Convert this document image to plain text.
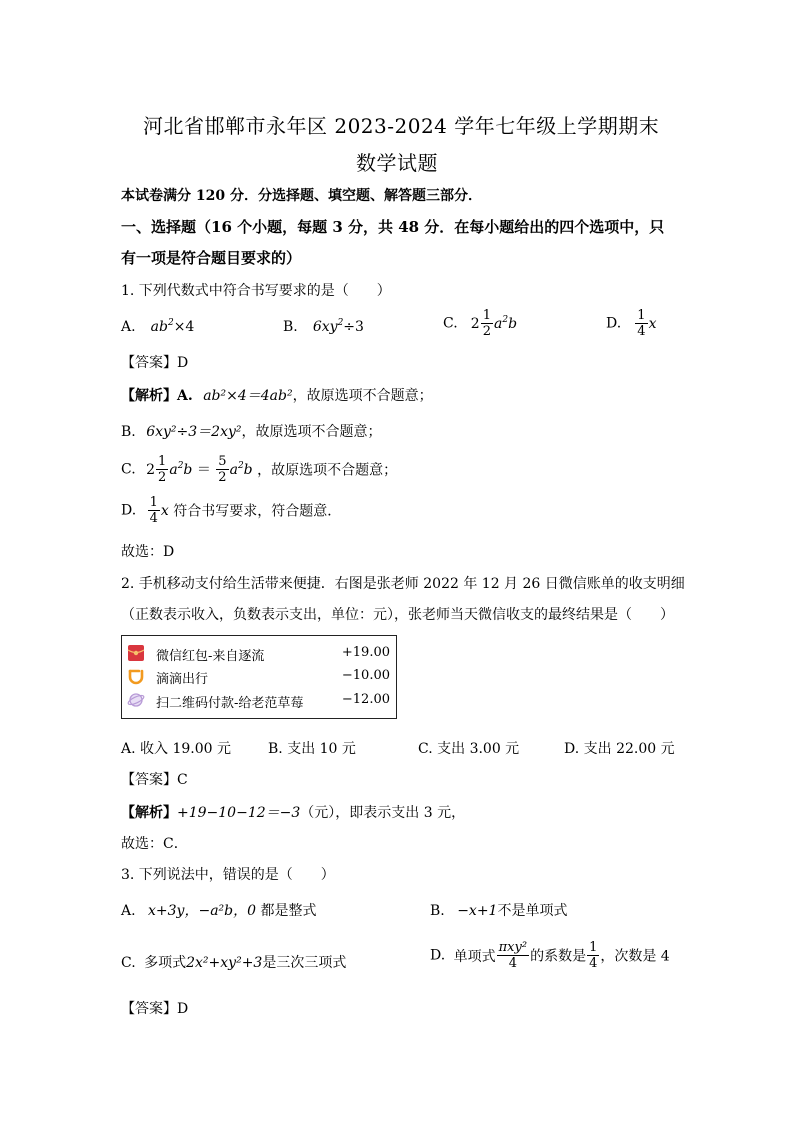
河北省邯郸市永年区 2023-2024 学年七年级上学期期末
数学试题
本试卷满分 120 分．分选择题、填空题、解答题三部分．
一、选择题（16 个小题，每题 3 分，共 48 分．在每小题给出的四个选项中，只
有一项是符合题目要求的）
1. 下列代数式中符合书写要求的是（　　）
A. $ab^2\times 4$	B. $6xy^2\div 3$	C. $2 \frac{1}{2} a^2b$	D. $\frac{1}{4}$ x
【答案】D
【解析】A. ab²×4＝4ab²，故原选项不合题意；
B. 6xy²÷3＝2xy²，故原选项不合题意；
C. $2 \frac{1}{2} a^2b = \frac{5}{2} a^2b$ ，故原选项不合题意；
D. $\frac{1}{4}$ x 符合书写要求，符合题意．
故选：D
2. 手机移动支付给生活带来便捷．右图是张老师 2022 年 12 月 26 日微信账单的收支明细
（正数表示收入，负数表示支出，单位：元），张老师当天微信收支的最终结果是（　　）
微信红包-来自逐流	+19.00
滴滴出行	−10.00
扫二维码付款-给老范草莓	−12.00
A. 收入 19.00 元	B. 支出 10 元	C. 支出 3.00 元	D. 支出 22.00 元
【答案】C
【解析】+19−10−12＝−3（元），即表示支出 3 元，
故选：C．
3. 下列说法中，错误的是（　　）
A. x+3y，−a²b，0 都是整式	B. −x+1不是单项式
C. 多项式2x²+xy²+3是三次三项式	D. 单项式 $\frac{\text{πxy²}}{4}$ 的系数是 $\frac{1}{4}$ ，次数是 4
【答案】D
